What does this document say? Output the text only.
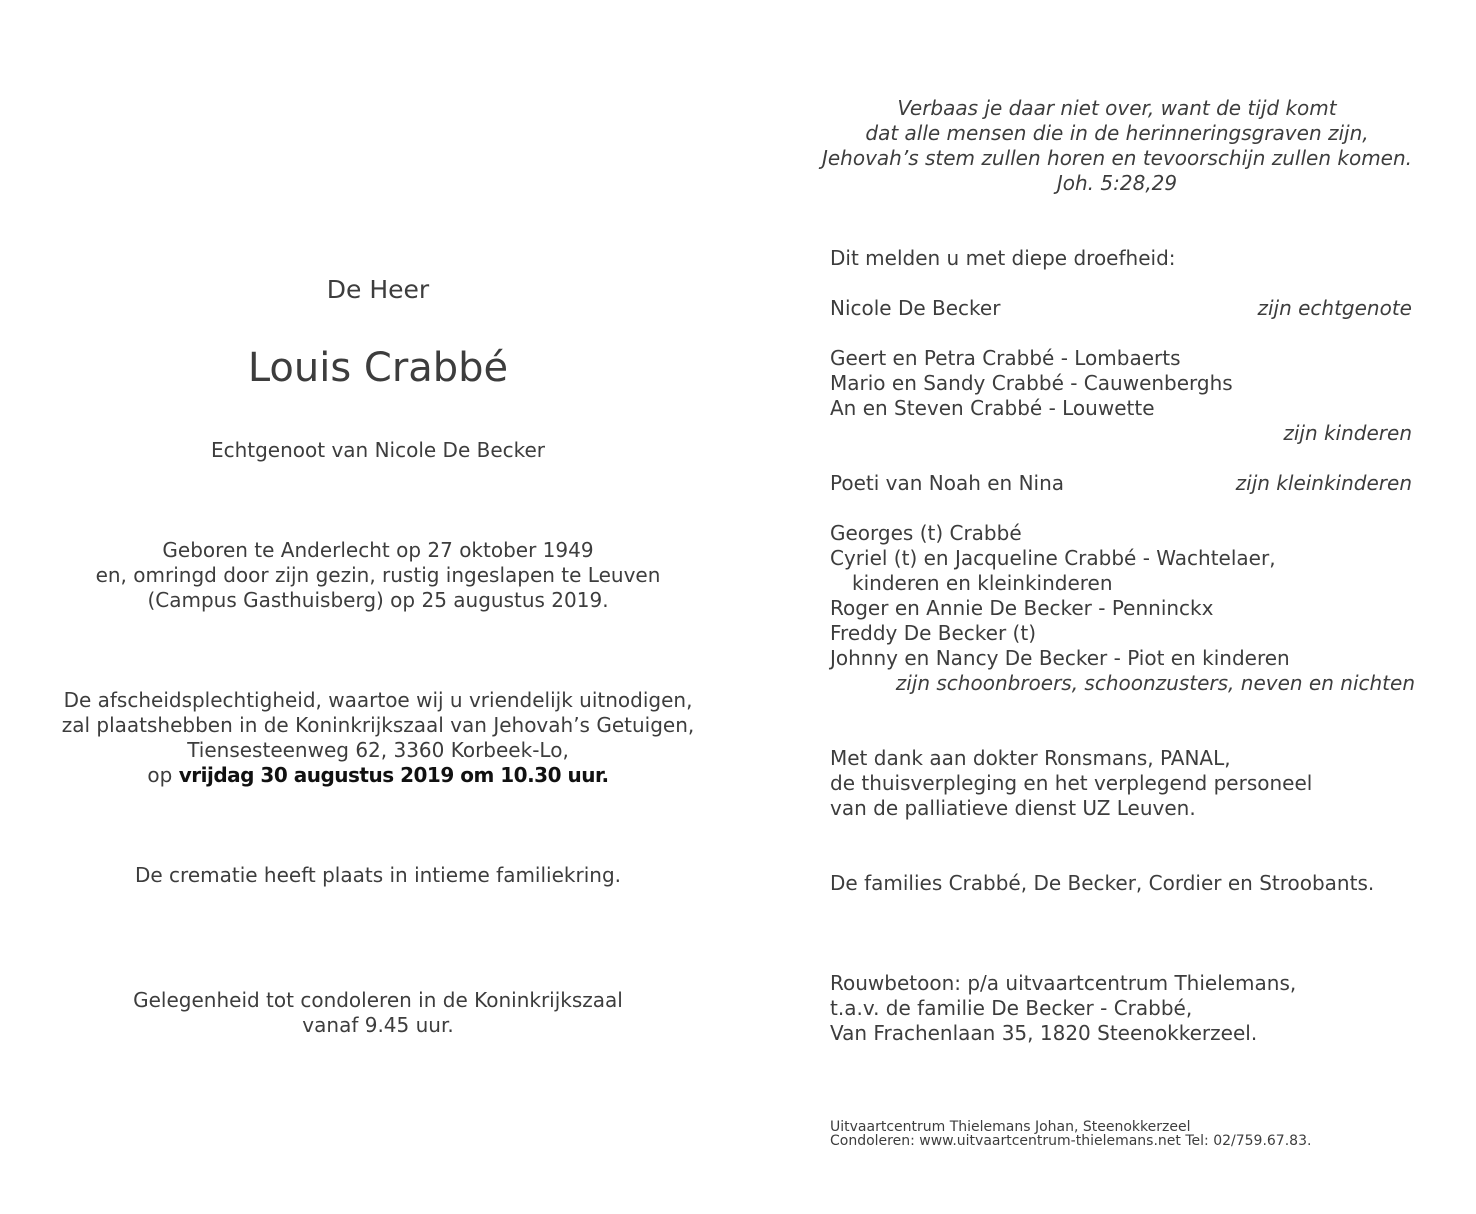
Verbaas je daar niet over, want de tijd komt
dat alle mensen die in de herinneringsgraven zijn,
Jehovah’s stem zullen horen en tevoorschijn zullen komen.
Joh. 5:28,29
De Heer
Louis Crabbé
Echtgenoot van Nicole De Becker
Geboren te Anderlecht op 27 oktober 1949
en, omringd door zijn gezin, rustig ingeslapen te Leuven
(Campus Gasthuisberg) op 25 augustus 2019.
De afscheidsplechtigheid, waartoe wij u vriendelijk uitnodigen,
zal plaatshebben in de Koninkrijkszaal van Jehovah’s Getuigen,
Tiensesteenweg 62, 3360 Korbeek-Lo,
op vrijdag 30 augustus 2019 om 10.30 uur.
De crematie heeft plaats in intieme familiekring.
Gelegenheid tot condoleren in de Koninkrijkszaal
vanaf 9.45 uur.
Dit melden u met diepe droefheid:
Nicole De Becker	zijn echtgenote
Geert en Petra Crabbé - Lombaerts
Mario en Sandy Crabbé - Cauwenberghs
An en Steven Crabbé - Louwette
zijn kinderen
Poeti van Noah en Nina	zijn kleinkinderen
Georges (t) Crabbé
Cyriel (t) en Jacqueline Crabbé - Wachtelaer,
kinderen en kleinkinderen
Roger en Annie De Becker - Penninckx
Freddy De Becker (t)
Johnny en Nancy De Becker - Piot en kinderen
zijn schoonbroers, schoonzusters, neven en nichten
Met dank aan dokter Ronsmans, PANAL,
de thuisverpleging en het verplegend personeel
van de palliatieve dienst UZ Leuven.
De families Crabbé, De Becker, Cordier en Stroobants.
Rouwbetoon: p/a uitvaartcentrum Thielemans,
t.a.v. de familie De Becker - Crabbé,
Van Frachenlaan 35, 1820 Steenokkerzeel.
Uitvaartcentrum Thielemans Johan, Steenokkerzeel
Condoleren: www.uitvaartcentrum-thielemans.net Tel: 02/759.67.83.
